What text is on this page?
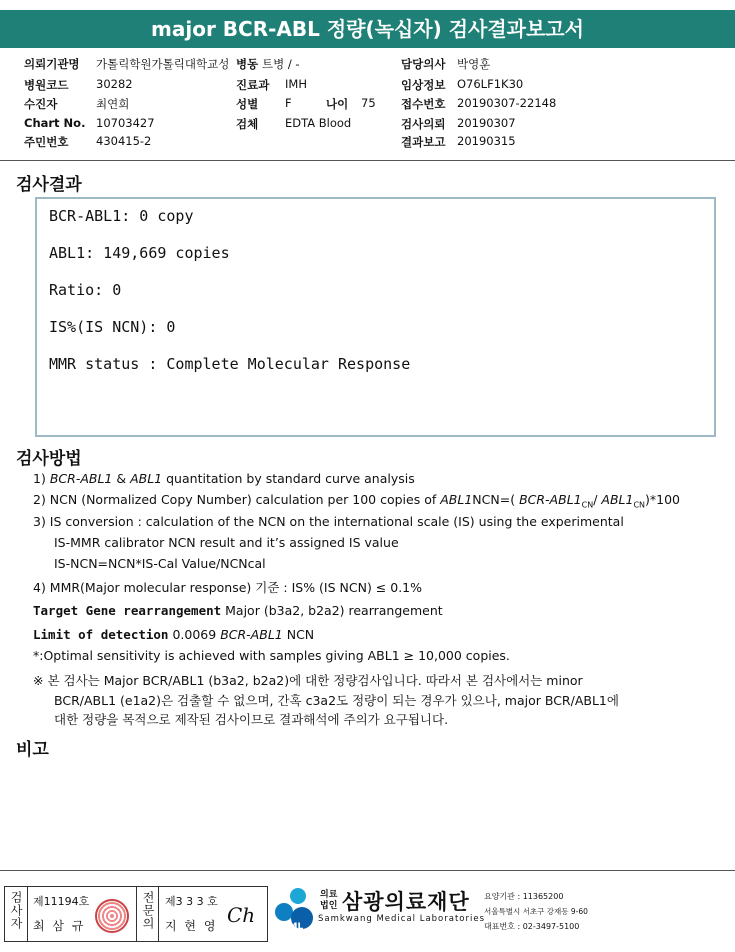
major BCR-ABL 정량(녹십자) 검사결과보고서
의뢰기관명 가톨릭학원가톨릭대학교성 병동 트병 / -	담당의사 박영훈
병원코드 30282	진료과 IMH	임상정보 O76LF1K30
수진자	최연희	성별 F	나이 75 접수번호 20190307-22148
Chart No. 10703427	검체 EDTA Blood	검사의뢰 20190307
주민번호 430415-2	결과보고 20190315
검사결과
BCR-ABL1: 0 copy
ABL1: 149,669 copies
Ratio: 0
IS%(IS NCN): 0
MMR status : Complete Molecular Response
검사방법
1) BCR-ABL1 & ABL1 quantitation by standard curve analysis
2) NCN (Normalized Copy Number) calculation per 100 copies of ABL1NCN=( BCR-$ABL1_{CN}/$ $ABL1_{CN})*100$
3) IS conversion : calculation of the NCN on the international scale (IS) using the experimental
IS-MMR calibrator NCN result and it’s assigned IS value
IS-NCN=NCN*IS-Cal Value/NCNcal
4) MMR(Major molecular response) 기준 : IS% (IS NCN) ≤ 0.1%
Target Gene rearrangement Major (b3a2, b2a2) rearrangement
Limit of detection 0.0069 BCR-ABL1 NCN
*:Optimal sensitivity is achieved with samples giving ABL1 ≥ 10,000 copies.
※ 본 검사는 Major BCR/ABL1 (b3a2, b2a2)에 대한 정량검사입니다. 따라서 본 검사에서는 minor
BCR/ABL1 (e1a2)은 검출할 수 없으며, 간혹 c3a2도 정량이 되는 경우가 있으나, major BCR/ABL1에
대한 정량을 목적으로 제작된 검사이므로 결과해석에 주의가 요구됩니다.
비고
검사자 제11194호
최 삼 규	전문의 제3 3 3 호
지 현 영 Ch	SML
의료법인 삼광의료재단
Samkwang Medical Laboratories
요양기관 : 11365200
서울특별시 서초구 강재동 9-60
대표번호 : 02-3497-5100
